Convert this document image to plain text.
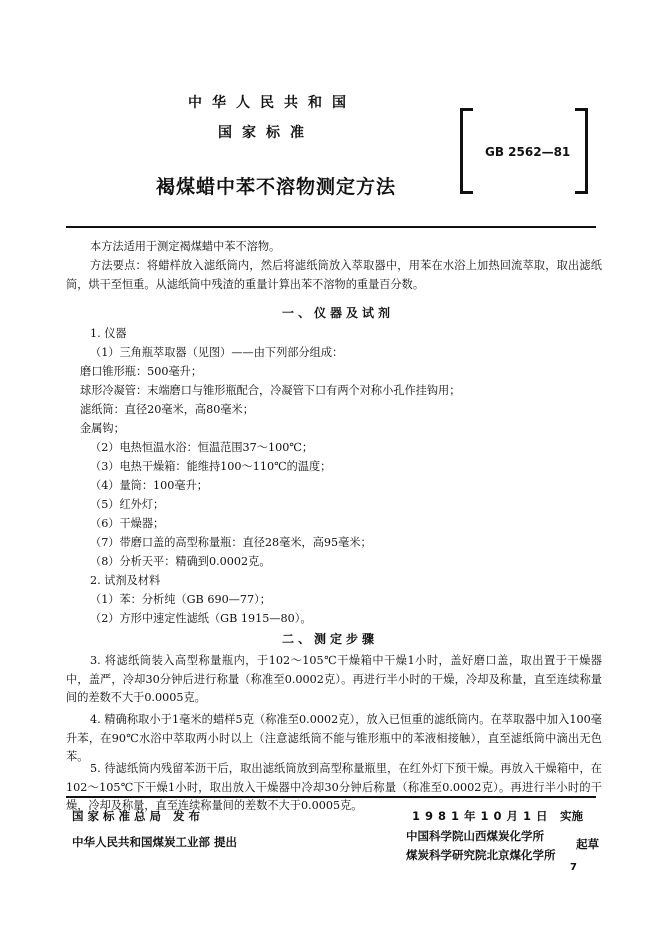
中华人民共和国
国家标准
褐煤蜡中苯不溶物测定方法
GB 2562—81
本方法适用于测定褐煤蜡中苯不溶物。
方法要点：将蜡样放入滤纸筒内，然后将滤纸筒放入萃取器中，用苯在水浴上加热回流萃取，取出滤纸筒，烘干至恒重。从滤纸筒中残渣的重量计算出苯不溶物的重量百分数。
一、仪器及试剂
1. 仪器
（1）三角瓶萃取器（见图）——由下列部分组成：
磨口锥形瓶：500毫升；
球形冷凝管：末端磨口与锥形瓶配合，冷凝管下口有两个对称小孔作挂钩用；
滤纸筒：直径20毫米，高80毫米；
金属钩；
（2）电热恒温水浴：恒温范围37～100℃；
（3）电热干燥箱：能维持100～110℃的温度；
（4）量筒：100毫升；
（5）红外灯；
（6）干燥器；
（7）带磨口盖的高型称量瓶：直径28毫米，高95毫米；
（8）分析天平：精确到0.0002克。
2. 试剂及材料
（1）苯：分析纯（GB 690—77）；
（2）方形中速定性滤纸（GB 1915—80）。
二、测定步骤
3. 将滤纸筒装入高型称量瓶内，于102～105℃干燥箱中干燥1小时，盖好磨口盖，取出置于干燥器中，盖严，冷却30分钟后进行称量（称准至0.0002克）。再进行半小时的干燥，冷却及称量，直至连续称量间的差数不大于0.0005克。
4. 精确称取小于1毫米的蜡样5克（称准至0.0002克），放入已恒重的滤纸筒内。在萃取器中加入100毫升苯，在90℃水浴中萃取两小时以上（注意滤纸筒不能与锥形瓶中的苯液相接触），直至滤纸筒中滴出无色苯。
5. 待滤纸筒内残留苯沥干后，取出滤纸筒放到高型称量瓶里，在红外灯下预干燥。再放入干燥箱中，在102～105℃下干燥1小时，取出放入干燥器中冷却30分钟后称量（称准至0.0002克）。再进行半小时的干燥，冷却及称量，直至连续称量间的差数不大于0.0005克。
国家标准总局 发布
中华人民共和国煤炭工业部 提出
1981年10月1日 实施
中国科学院山西煤炭化学所
煤炭科学研究院北京煤化学所
起草
7
